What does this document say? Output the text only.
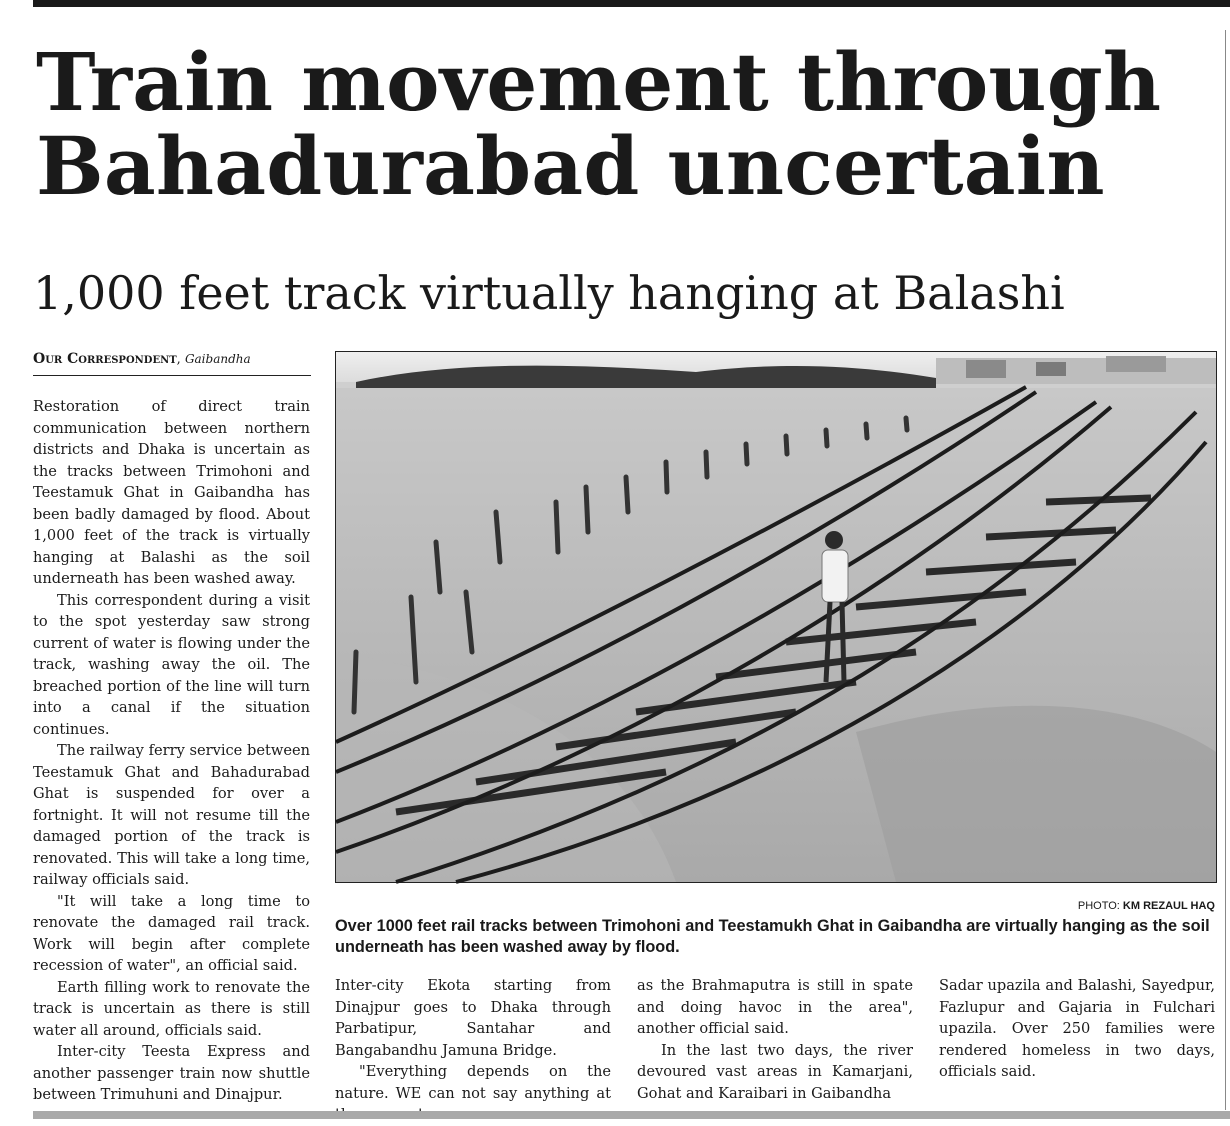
Train movement through
Bahadurabad uncertain
1,000 feet track virtually hanging at Balashi
Our Correspondent, Gaibandha

Restoration of direct train communication between northern districts and Dhaka is uncertain as the tracks between Trimohoni and Teestamuk Ghat in Gaibandha has been badly damaged by flood. About 1,000 feet of the track is virtually hanging at Balashi as the soil underneath has been washed away.

This correspondent during a visit to the spot yesterday saw strong current of water is flowing under the track, washing away the oil. The breached portion of the line will turn into a canal if the situation continues.

The railway ferry service between Teestamuk Ghat and Bahadurabad Ghat is suspended for over a fortnight. It will not resume till the damaged portion of the track is renovated. This will take a long time, railway officials said.

"It will take a long time to renovate the damaged rail track. Work will begin after complete recession of water", an official said.

Earth filling work to renovate the track is uncertain as there is still water all around, officials said.

Inter-city Teesta Express and another passenger train now shuttle between Trimuhuni and Dinajpur.

PHOTO: KM REZAUL HAQ

Over 1000 feet rail tracks between Trimohoni and Teestamukh Ghat in Gaibandha are virtually hanging as the soil underneath has been washed away by flood.

Inter-city Ekota starting from Dinajpur goes to Dhaka through Parbatipur, Santahar and Bangabandhu Jamuna Bridge.

"Everything depends on the nature. WE can not say anything at

as the Brahmaputra is still in spate and doing havoc in the area", another official said.

In the last two days, the river devoured vast areas in Kamarjani, Gohat and Karaibari in Gaibandha

Sadar upazila and Balashi, Sayedpur, Fazlupur and Gajaria in Fulchari upazila. Over 250 families were rendered homeless in two days, officials said.
